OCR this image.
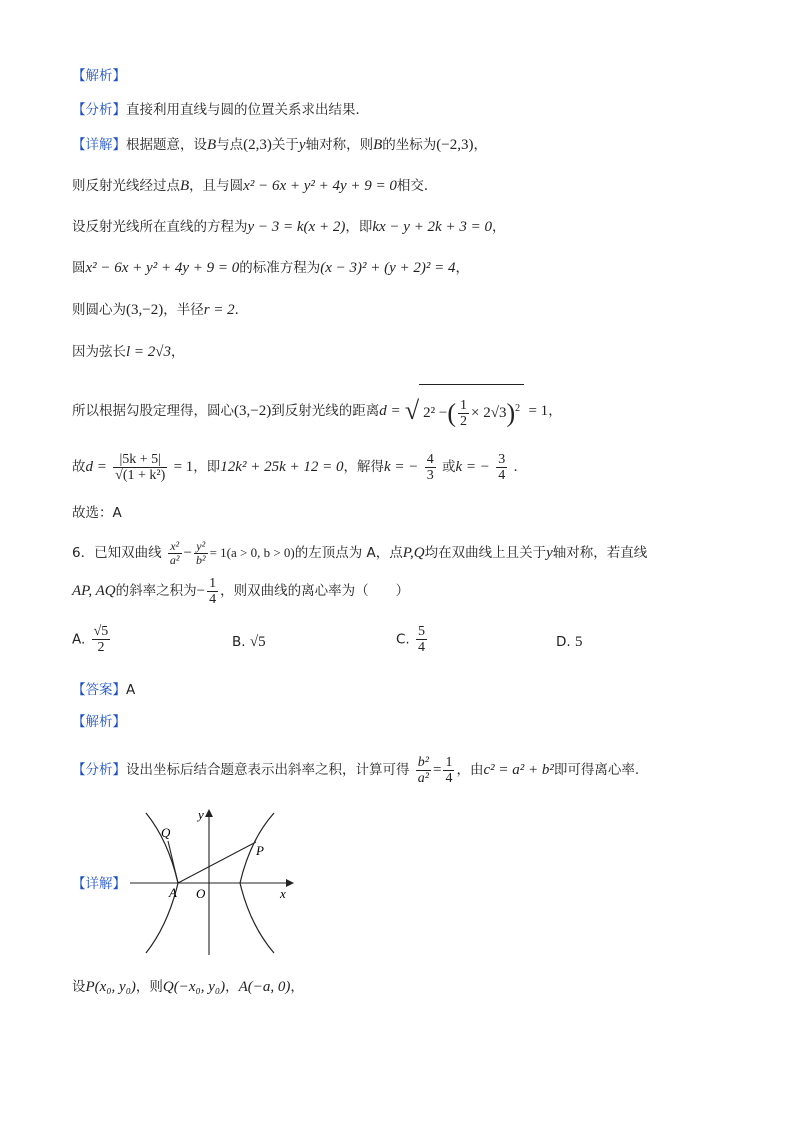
【解析】
【分析】直接利用直线与圆的位置关系求出结果．
【详解】根据题意，设B与点(2,3)关于y轴对称，则B的坐标为(−2,3)，
则反射光线经过点B，且与圆x² − 6x + y² + 4y + 9 = 0相交．
设反射光线所在直线的方程为y − 3 = k(x + 2)，即kx − y + 2k + 3 = 0，
圆x² − 6x + y² + 4y + 9 = 0的标准方程为(x − 3)² + (y + 2)² = 4，
则圆心为(3,−2)，半径r = 2．
因为弦长l = 2√3，
所以根据勾股定理得，圆心(3,−2)到反射光线的距离d = √ 2² −( $\frac{1}{2} \times 2√3)^2 = 1$，
故$d = \frac{|5k + 5|}{\text{√(1 + k²)}} = 1$，即12k² + 25k + 12 = 0，解得k = − $\frac{4}{3}$ 或k = − $\frac{3}{4}$ ．
故选：A
6．已知双曲线 $\frac{\text{x²}}{\text{a²}} - \frac{\text{y²}}{\text{b²}} = 1(a > 0$, b > 0)的左顶点为 A，点P,Q均在双曲线上且关于y轴对称，若直线
AP, AQ的斜率之积为− $\frac{1}{4}$ ，则双曲线的离心率为（　　）
A. $\frac{√5}{2}$	B. √5	C. $\frac{5}{4}$	D. 5
【答案】A
【解析】
【分析】设出坐标后结合题意表示出斜率之积，计算可得 $\frac{\text{b²}}{\text{a²}} = \frac{1}{4}$ ，由c² = a² + b²即可得离心率.
【详解】
y
x
O
A
P
Q
设P(x₀, y₀)，则Q(−x₀, y₀)，A(−a, 0)，
